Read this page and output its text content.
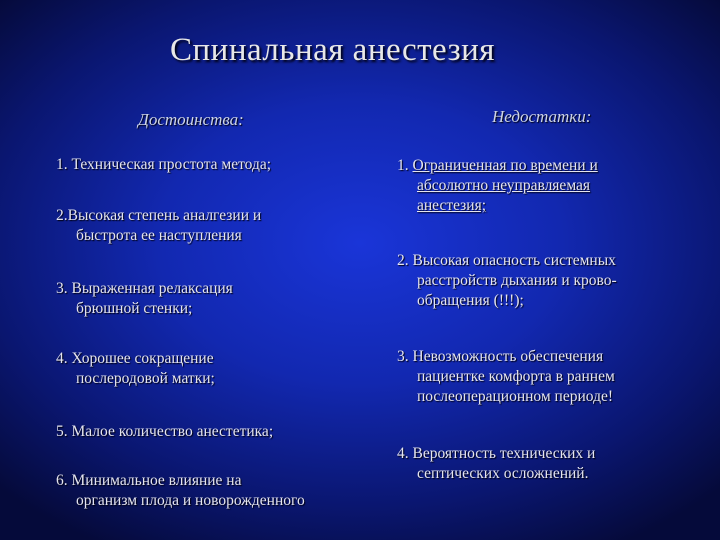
Спинальная анестезия
Достоинства:	Недостатки:
1. Техническая простота метода;
2.Высокая степень аналгезии и
быстрота ее наступления
3. Выраженная релаксация
брюшной стенки;
4. Хорошее сокращение
послеродовой матки;
5. Малое количество анестетика;
6. Минимальное влияние на
организм плода и новорожденного
1. Ограниченная по времени и
абсолютно неуправляемая
анестезия;
2. Высокая опасность системных
расстройств дыхания и крово-
обращения (!!!);
3. Невозможность обеспечения
пациентке комфорта в раннем
послеоперационном периоде!
4. Вероятность технических и
септических осложнений.
